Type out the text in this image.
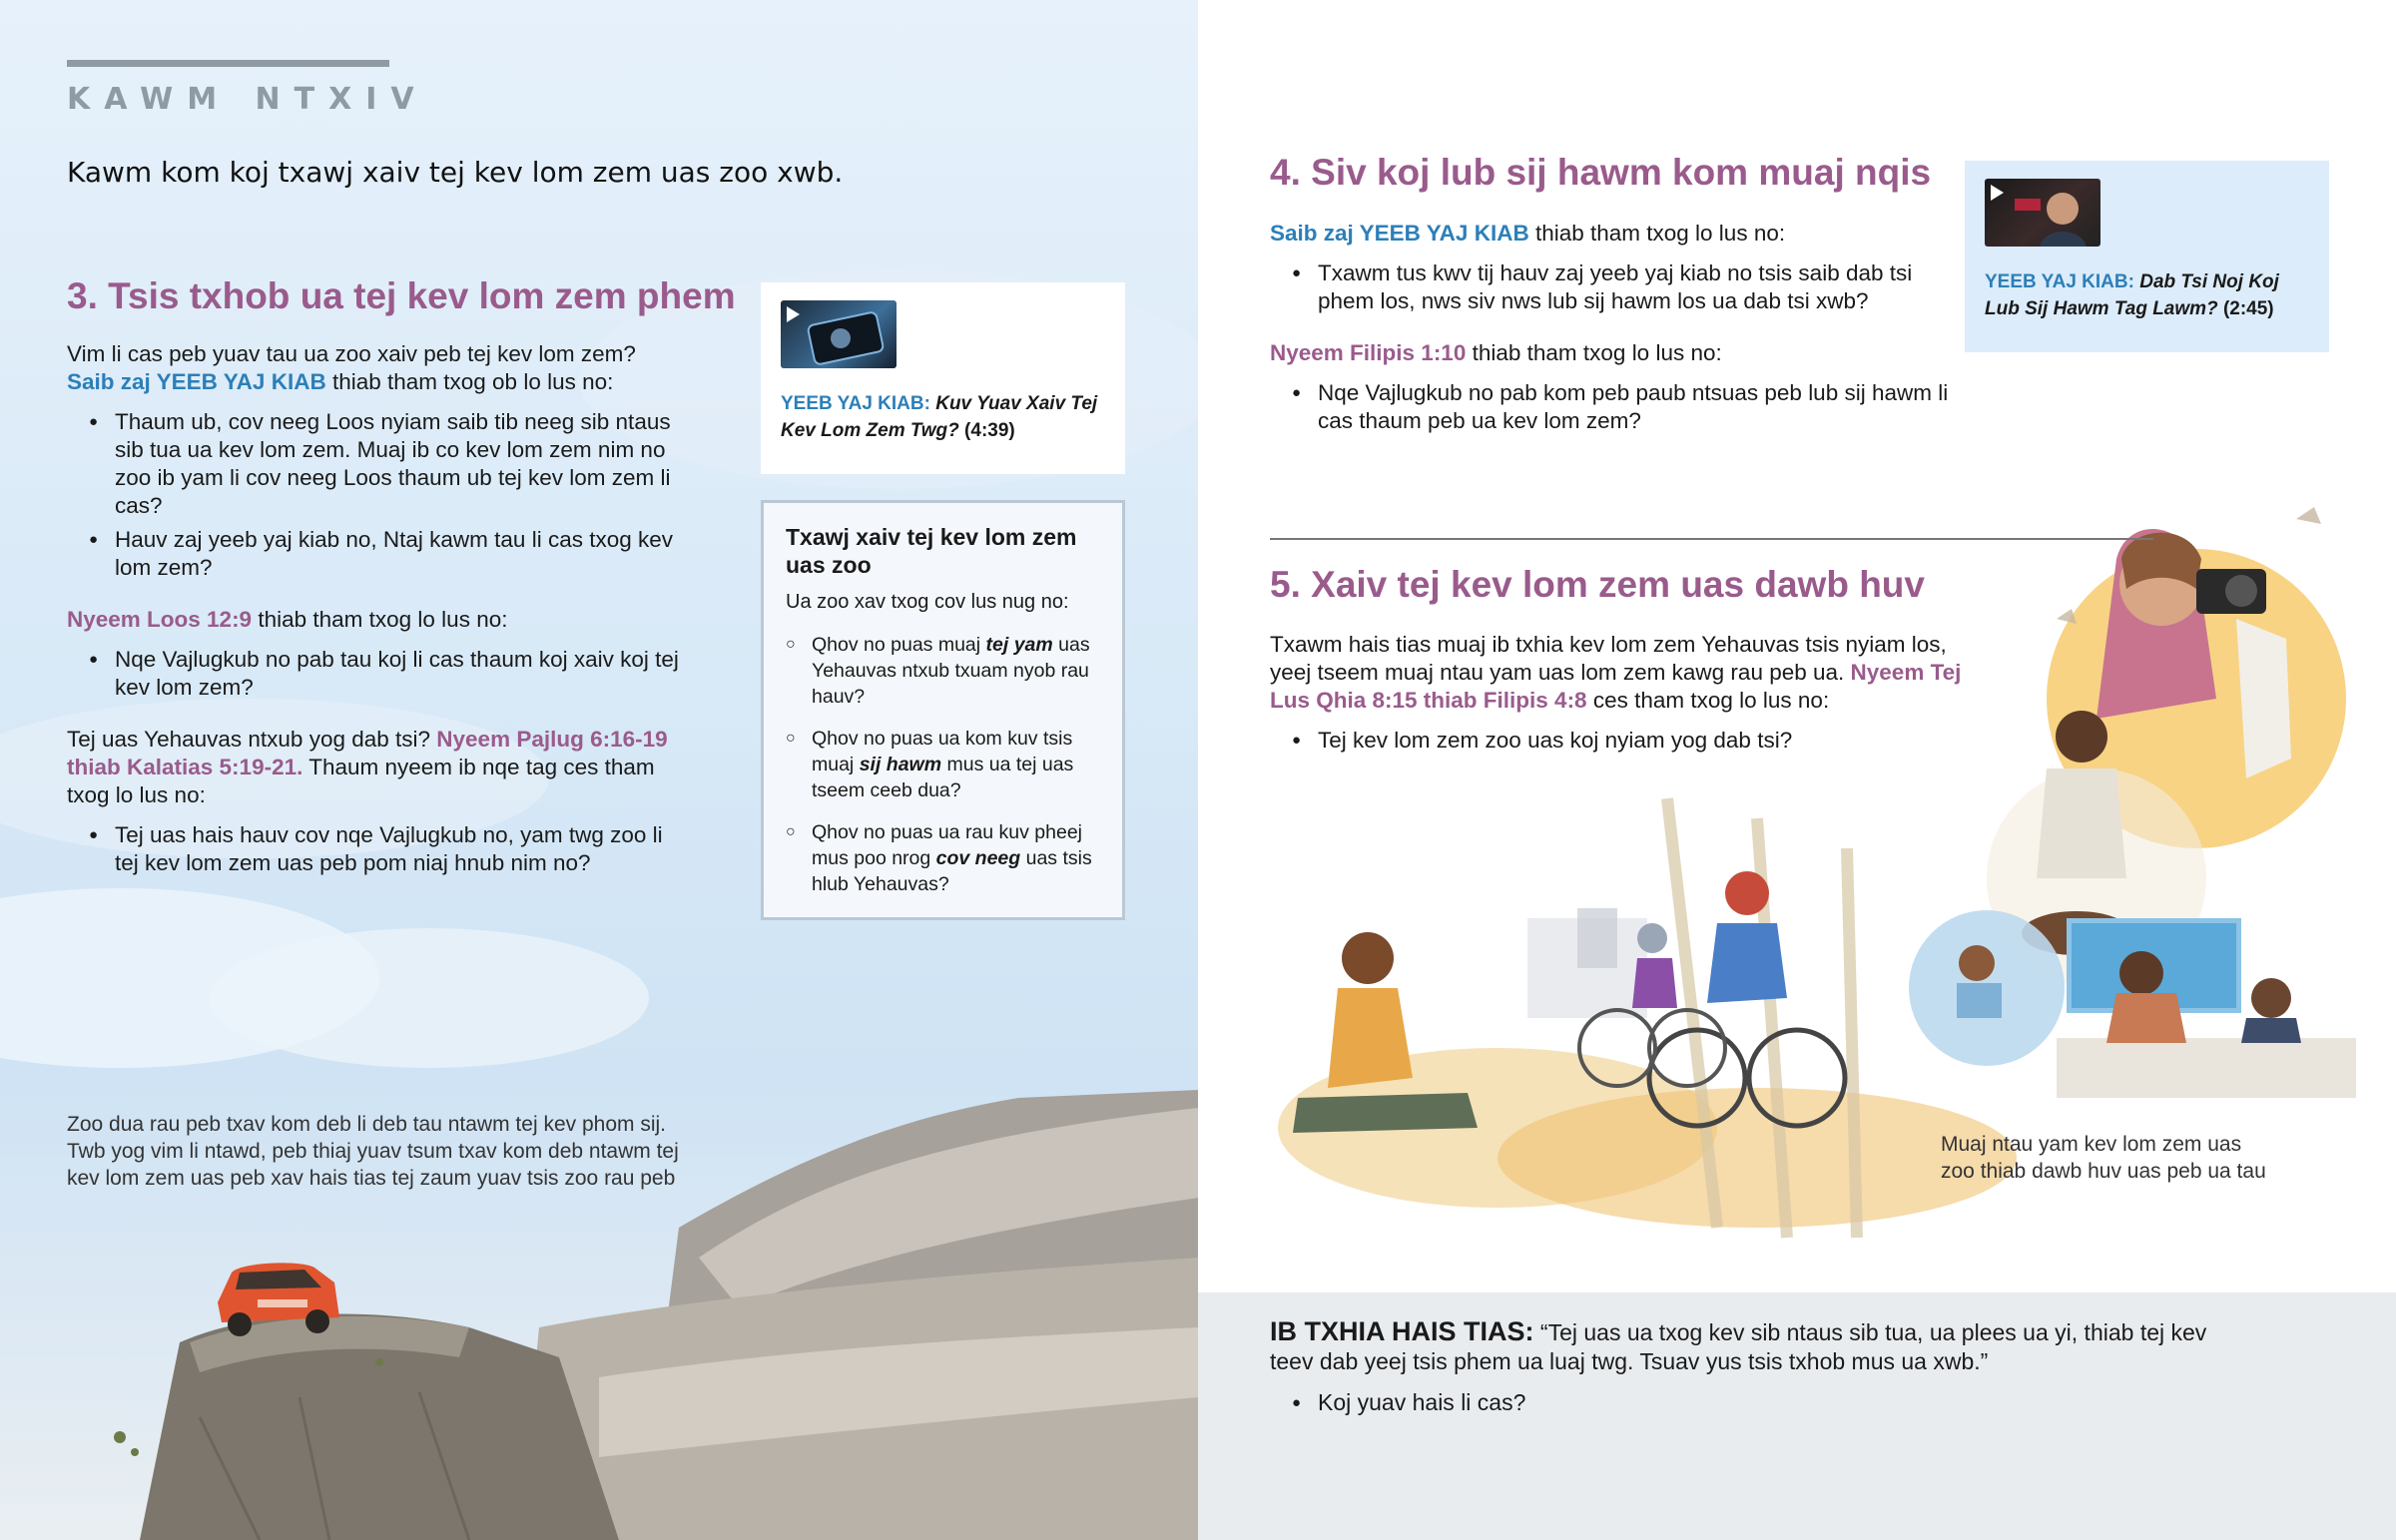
KAWM NTXIV
Kawm kom koj txawj xaiv tej kev lom zem uas zoo xwb.
3. Tsis txhob ua tej kev lom zem phem

Vim li cas peb yuav tau ua zoo xaiv peb tej kev lom zem? Saib zaj YEEB YAJ KIAB thiab tham txog ob lo lus no:

● Thaum ub, cov neeg Loos nyiam saib tib neeg sib ntaus sib tua ua kev lom zem. Muaj ib co kev lom zem nim no zoo ib yam li cov neeg Loos thaum ub tej kev lom zem li cas?
● Hauv zaj yeeb yaj kiab no, Ntaj kawm tau li cas txog kev lom zem?

Nyeem Loos 12:9 thiab tham txog lo lus no:

● Nqe Vajlugkub no pab tau koj li cas thaum koj xaiv koj tej kev lom zem?

Tej uas Yehauvas ntxub yog dab tsi? Nyeem Pajlug 6:16-19 thiab Kalatias 5:19-21. Thaum nyeem ib nqe tag ces tham txog lo lus no:

● Tej uas hais hauv cov nqe Vajlugkub no, yam twg zoo li tej kev lom zem uas peb pom niaj hnub nim no?
YEEB YAJ KIAB: Kuv Yuav Xaiv Tej Kev Lom Zem Twg? (4:39)
Txawj xaiv tej kev lom zem uas zoo
Ua zoo xav txog cov lus nug no:
○ Qhov no puas muaj tej yam uas Yehauvas ntxub txuam nyob rau hauv?
○ Qhov no puas ua kom kuv tsis muaj sij hawm mus ua tej uas tseem ceeb dua?
○ Qhov no puas ua rau kuv pheej mus poo nrog cov neeg uas tsis hlub Yehauvas?
Zoo dua rau peb txav kom deb li deb tau ntawm tej kev phom sij. Twb yog vim li ntawd, peb thiaj yuav tsum txav kom deb ntawm tej kev lom zem uas peb xav hais tias tej zaum yuav tsis zoo rau peb
4. Siv koj lub sij hawm kom muaj nqis

Saib zaj YEEB YAJ KIAB thiab tham txog lo lus no:

● Txawm tus kwv tij hauv zaj yeeb yaj kiab no tsis saib dab tsi phem los, nws siv nws lub sij hawm los ua dab tsi xwb?

Nyeem Filipis 1:10 thiab tham txog lo lus no:

● Nqe Vajlugkub no pab kom peb paub ntsuas peb lub sij hawm li cas thaum peb ua kev lom zem?
YEEB YAJ KIAB: Dab Tsi Noj Koj Lub Sij Hawm Tag Lawm? (2:45)
5. Xaiv tej kev lom zem uas dawb huv

Txawm hais tias muaj ib txhia kev lom zem Yehauvas tsis nyiam los, yeej tseem muaj ntau yam uas lom zem kawg rau peb ua. Nyeem Tej Lus Qhia 8:15 thiab Filipis 4:8 ces tham txog lo lus no:

● Tej kev lom zem zoo uas koj nyiam yog dab tsi?
Muaj ntau yam kev lom zem uas zoo thiab dawb huv uas peb ua tau

IB TXHIA HAIS TIAS: “Tej uas ua txog kev sib ntaus sib tua, ua plees ua yi, thiab tej kev teev dab yeej tsis phem ua luaj twg. Tsuav yus tsis txhob mus ua xwb.”

● Koj yuav hais li cas?
